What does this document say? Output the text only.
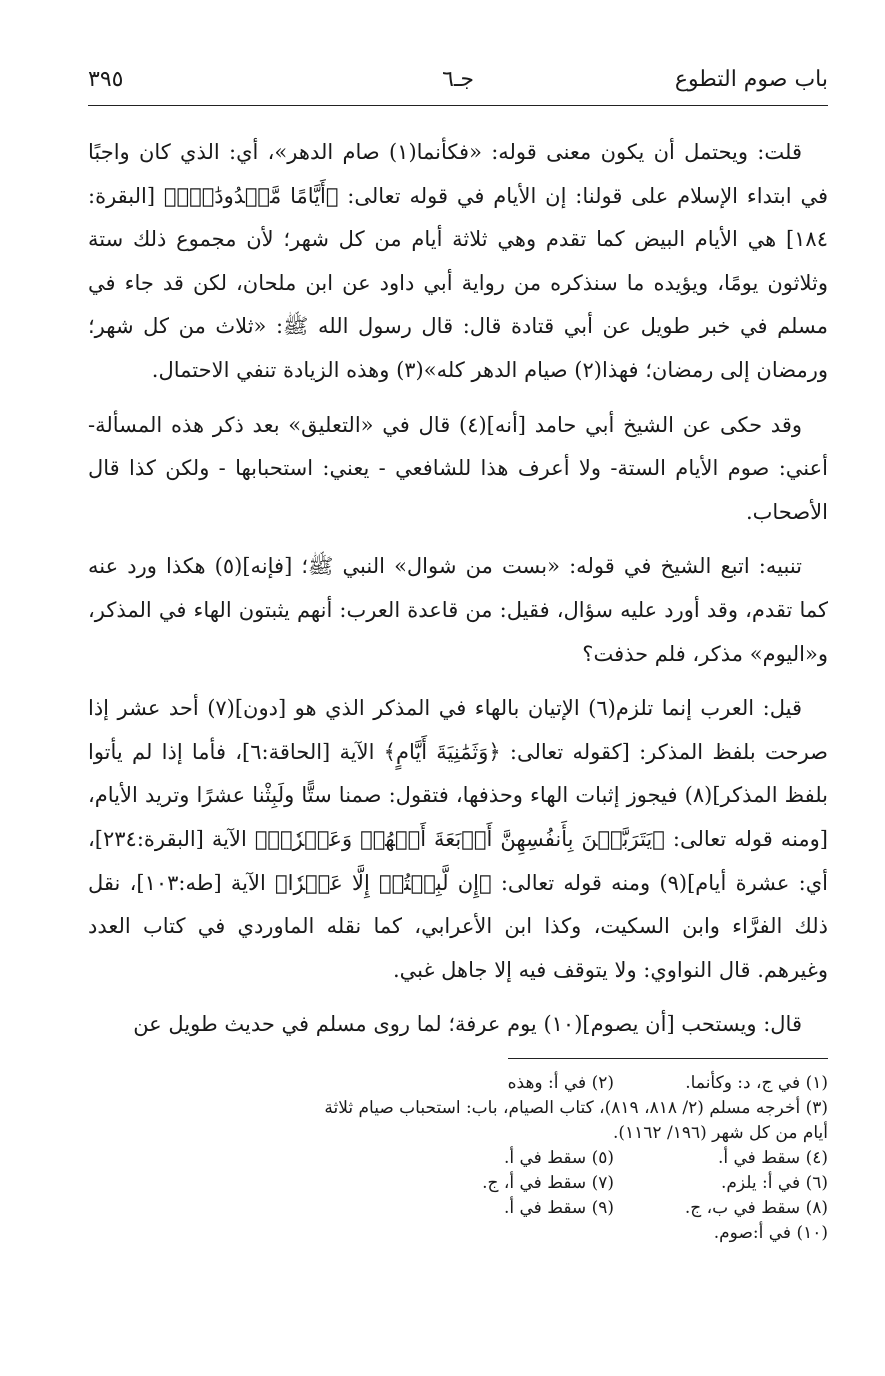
باب صوم التطوع
جـ٦
٣٩٥

قلت: ويحتمل أن يكون معنى قوله: «فكأنما(١) صام الدهر»، أي: الذي كان واجبًا في ابتداء الإسلام على قولنا: إن الأيام في قوله تعالى: ﴿أَيَّامًا مَّعۡدُودَٰتٖۚ﴾ [البقرة: ١٨٤] هي الأيام البيض كما تقدم وهي ثلاثة أيام من كل شهر؛ لأن مجموع ذلك ستة وثلاثون يومًا، ويؤيده ما سنذكره من رواية أبي داود عن ابن ملحان، لكن قد جاء في مسلم في خبر طويل عن أبي قتادة قال: قال رسول الله ﷺ: «ثلاث من كل شهر؛ ورمضان إلى رمضان؛ فهذا(٢) صيام الدهر كله»(٣) وهذه الزيادة تنفي الاحتمال.

وقد حكى عن الشيخ أبي حامد [أنه](٤) قال في «التعليق» بعد ذكر هذه المسألة-أعني: صوم الأيام الستة- ولا أعرف هذا للشافعي - يعني: استحبابها - ولكن كذا قال الأصحاب.

تنبيه: اتبع الشيخ في قوله: «بست من شوال» النبي ﷺ؛ [فإنه](٥) هكذا ورد عنه كما تقدم، وقد أورد عليه سؤال، فقيل: من قاعدة العرب: أنهم يثبتون الهاء في المذكر، و«اليوم» مذكر، فلم حذفت؟

قيل: العرب إنما تلزم(٦) الإتيان بالهاء في المذكر الذي هو [دون](٧) أحد عشر إذا صرحت بلفظ المذكر: [كقوله تعالى: ﴿وَثَمَٰنِيَةَ أَيَّامٍ﴾ الآية [الحاقة:٦]، فأما إذا لم يأتوا بلفظ المذكر](٨) فيجوز إثبات الهاء وحذفها، فتقول: صمنا ستًّا ولَبِثْنا عشرًا وتريد الأيام، [ومنه قوله تعالى: ﴿يَتَرَبَّصۡنَ بِأَنفُسِهِنَّ أَرۡبَعَةَ أَشۡهُرٖ وَعَشۡرٗاۖ﴾ الآية [البقرة:٢٣٤]، أي: عشرة أيام](٩) ومنه قوله تعالى: ﴿إِن لَّبِثۡتُمۡ إِلَّا عَشۡرٗا﴾ الآية [طه:١٠٣]، نقل ذلك الفرَّاء وابن السكيت، وكذا ابن الأعرابي، كما نقله الماوردي في كتاب العدد وغيرهم. قال النواوي: ولا يتوقف فيه إلا جاهل غبي.

قال: ويستحب [أن يصوم](١٠) يوم عرفة؛ لما روى مسلم في حديث طويل عن

(١) في ج، د: وكأنما.
(٢) في أ: وهذه
(٣) أخرجه مسلم (٢/ ٨١٨، ٨١٩)، كتاب الصيام، باب: استحباب صيام ثلاثة أيام من كل شهر (١٩٦/ ١١٦٢).
(٤) سقط في أ.
(٥) سقط في أ.
(٦) في أ: يلزم.
(٧) سقط في أ، ج.
(٨) سقط في ب، ج.
(٩) سقط في أ.
(١٠) في أ:صوم.
